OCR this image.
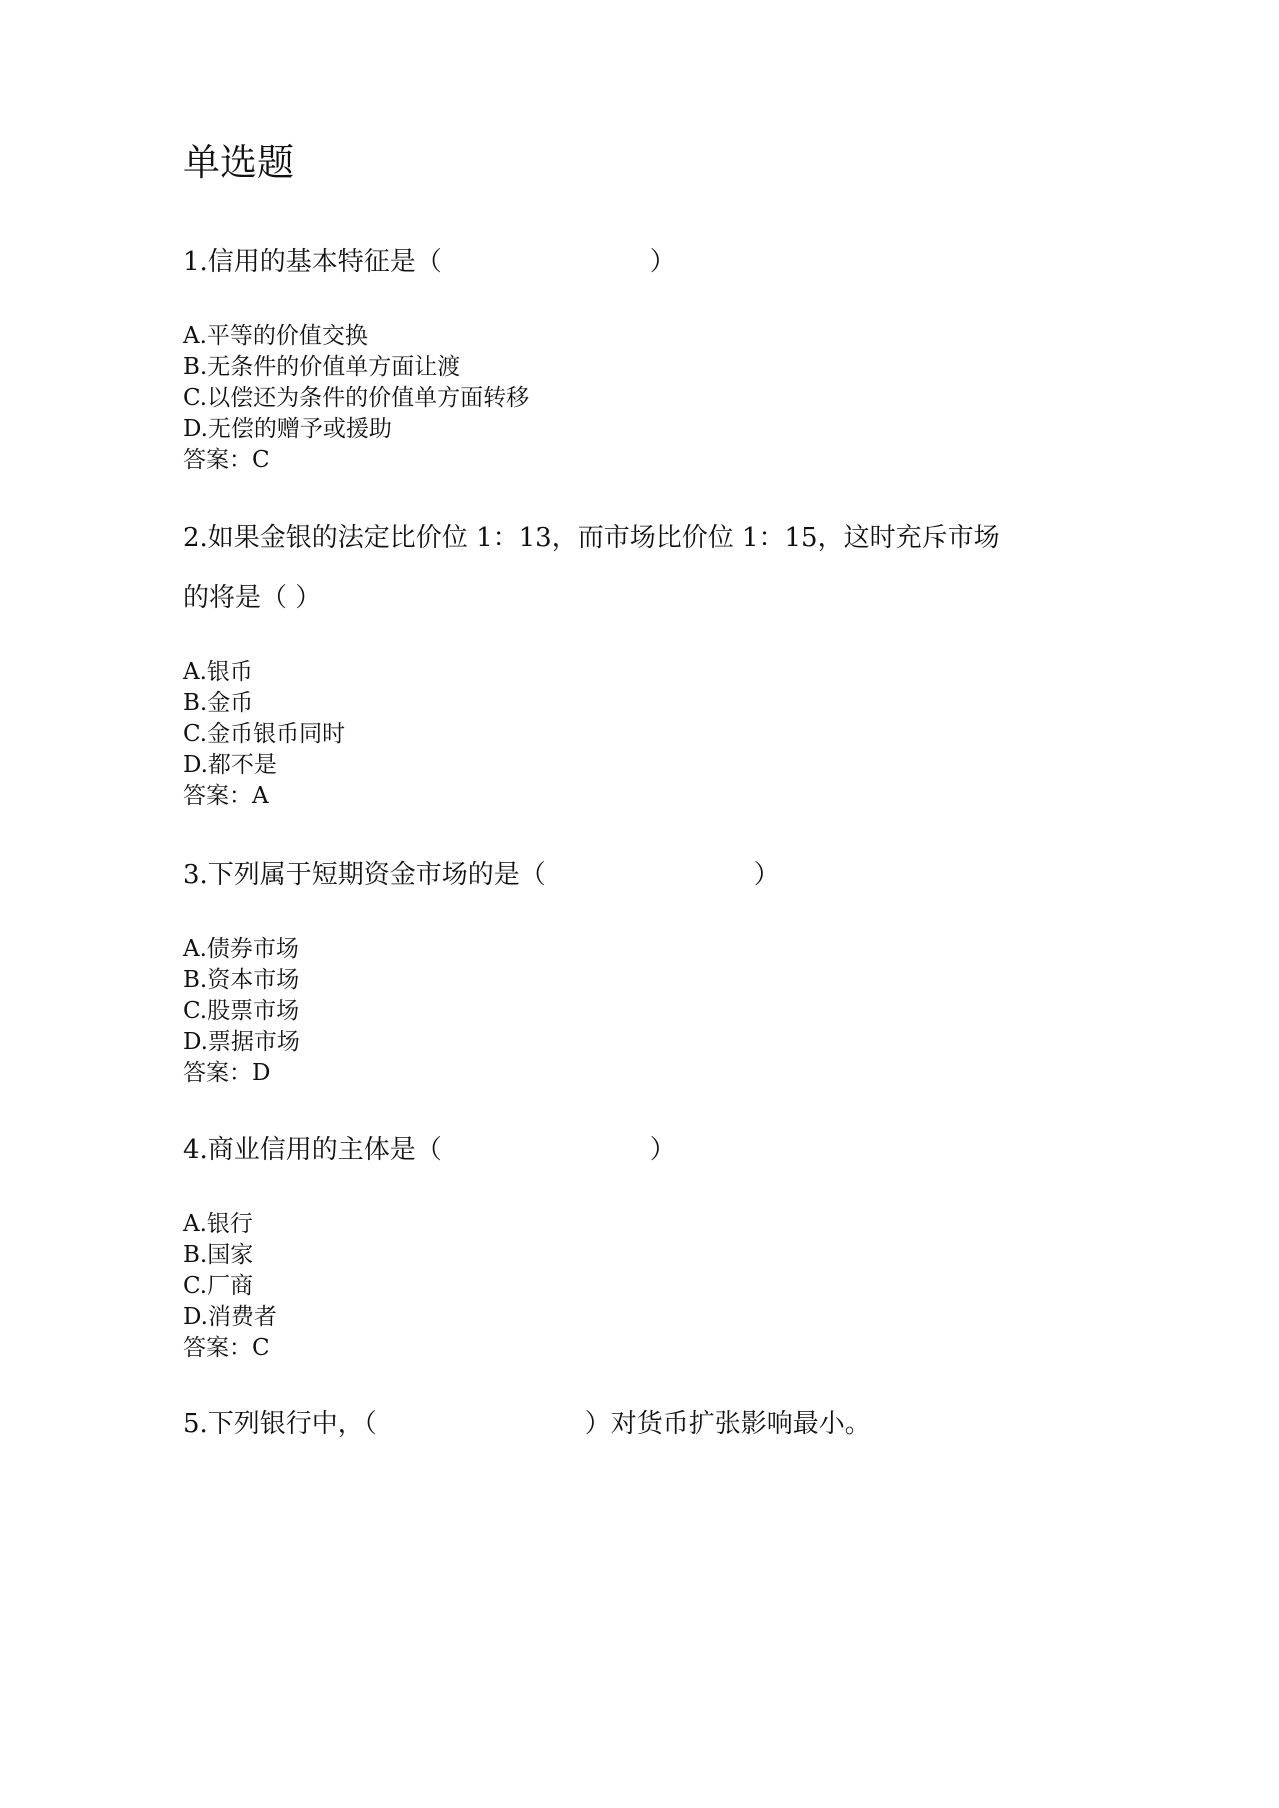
单选题
1.信用的基本特征是（　　　　　　　　）
A.平等的价值交换
B.无条件的价值单方面让渡
C.以偿还为条件的价值单方面转移
D.无偿的赠予或援助
答案：C
2.如果金银的法定比价位 1：13，而市场比价位 1：15，这时充斥市场
的将是（ ）
A.银币
B.金币
C.金币银币同时
D.都不是
答案：A
3.下列属于短期资金市场的是（　　　　　　　　）
A.债券市场
B.资本市场
C.股票市场
D.票据市场
答案：D
4.商业信用的主体是（　　　　　　　　）
A.银行
B.国家
C.厂商
D.消费者
答案：C
5.下列银行中，（　　　　　　　　）对货币扩张影响最小。
